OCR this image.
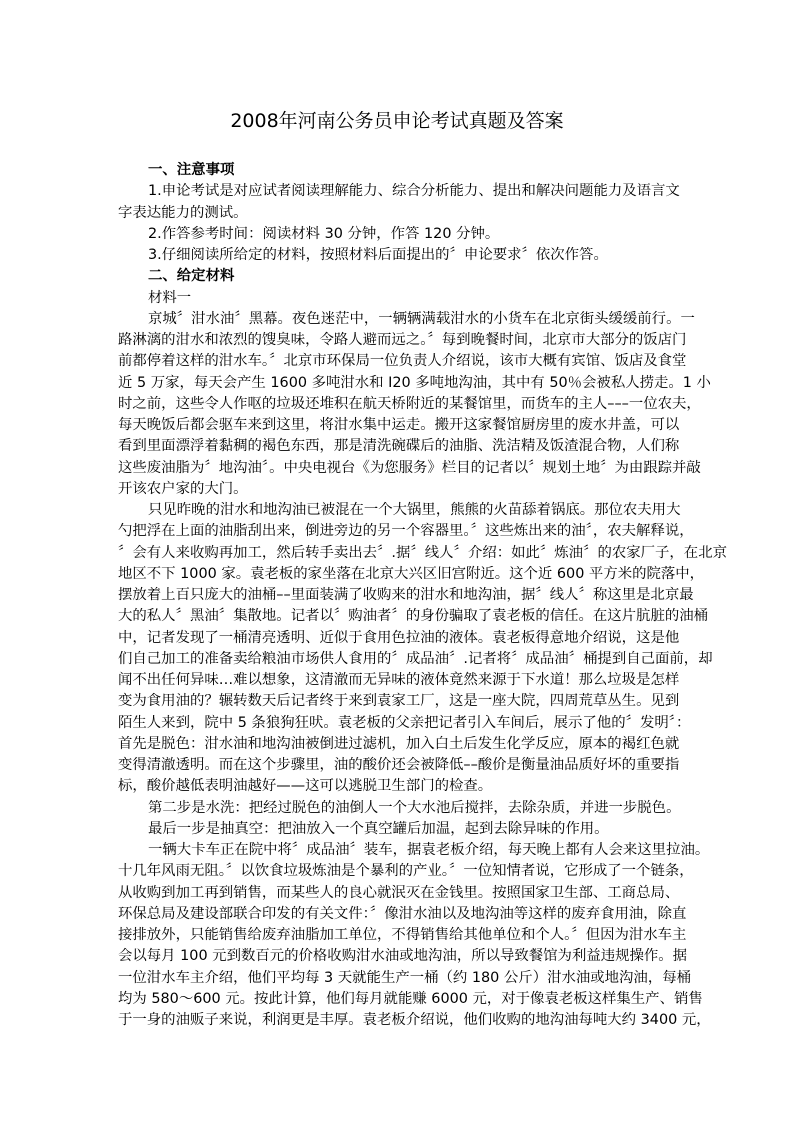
2008年河南公务员申论考试真题及答案
一、注意事项
1.申论考试是对应试者阅读理解能力、综合分析能力、提出和解决问题能力及语言文
字表达能力的测试。
2.作答参考时间：阅读材料 30 分钟，作答 120 分钟。
3.仔细阅读所给定的材料，按照材料后面提出的〞申论要求〞依次作答。
二、给定材料
材料一
京城〞泔水油〞黑幕。夜色迷茫中，一辆辆满载泔水的小货车在北京街头缓缓前行。一
路淋漓的泔水和浓烈的馊臭味，令路人避而远之。〞每到晚餐时间，北京市大部分的饭店门
前都停着这样的泔水车。〞北京市环保局一位负责人介绍说，该市大概有宾馆、饭店及食堂
近 5 万家，每天会产生 1600 多吨泔水和 I20 多吨地沟油，其中有 50％会被私人捞走。1 小
时之前，这些令人作呕的垃圾还堆积在航天桥附近的某餐馆里，而货车的主人–––一位农夫，
每天晚饭后都会驱车来到这里，将泔水集中运走。搬开这家餐馆厨房里的废水井盖，可以
看到里面漂浮着黏稠的褐色东西，那是清洗碗碟后的油脂、洗洁精及饭渣混合物，人们称
这些废油脂为〞地沟油〞。中央电视台《为您服务》栏目的记者以〞规划土地〞为由跟踪并敲
开该农户家的大门。
只见昨晚的泔水和地沟油已被混在一个大锅里，熊熊的火苗舔着锅底。那位农夫用大
勺把浮在上面的油脂刮出来，倒进旁边的另一个容器里。〞这些炼出来的油〞，农夫解释说，
〞会有人来收购再加工，然后转手卖出去〞.据〞线人〞介绍：如此〞炼油〞的农家厂子，在北京
地区不下 1000 家。袁老板的家坐落在北京大兴区旧宫附近。这个近 600 平方米的院落中，
摆放着上百只庞大的油桶––里面装满了收购来的泔水和地沟油，据〞线人〞称这里是北京最
大的私人〞黑油〞集散地。记者以〞购油者〞的身份骗取了袁老板的信任。在这片肮脏的油桶
中，记者发现了一桶清亮透明、近似于食用色拉油的液体。袁老板得意地介绍说，这是他
们自己加工的准备卖给粮油市场供人食用的〞成品油〞.记者将〞成品油〞桶提到自己面前，却
闻不出任何异味…难以想象，这清澈而无异味的液体竟然来源于下水道！那么垃圾是怎样
变为食用油的？辗转数天后记者终于来到袁家工厂，这是一座大院，四周荒草丛生。见到
陌生人来到，院中 5 条狼狗狂吠。袁老板的父亲把记者引入车间后，展示了他的〞发明〞：
首先是脱色：泔水油和地沟油被倒进过滤机，加入白土后发生化学反应，原本的褐红色就
变得清澈透明。而在这个步骤里，油的酸价还会被降低––酸价是衡量油品质好坏的重要指
标，酸价越低表明油越好——这可以逃脱卫生部门的检查。
第二步是水洗：把经过脱色的油倒人一个大水池后搅拌，去除杂质，并进一步脱色。
最后一步是抽真空：把油放入一个真空罐后加温，起到去除异味的作用。
一辆大卡车正在院中将〞成品油〞装车，据袁老板介绍，每天晚上都有人会来这里拉油。
十几年风雨无阻。〞以饮食垃圾炼油是个暴利的产业。〞一位知情者说，它形成了一个链条，
从收购到加工再到销售，而某些人的良心就泯灭在金钱里。按照国家卫生部、工商总局、
环保总局及建设部联合印发的有关文件：〞像泔水油以及地沟油等这样的废弃食用油，除直
接排放外，只能销售给废弃油脂加工单位，不得销售给其他单位和个人。〞但因为泔水车主
会以每月 100 元到数百元的价格收购泔水油或地沟油，所以导致餐馆为利益违规操作。据
一位泔水车主介绍，他们平均每 3 天就能生产一桶（约 180 公斤）泔水油或地沟油，每桶
均为 580～600 元。按此计算，他们每月就能赚 6000 元，对于像袁老板这样集生产、销售
于一身的油贩子来说，利润更是丰厚。袁老板介绍说，他们收购的地沟油每吨大约 3400 元，
